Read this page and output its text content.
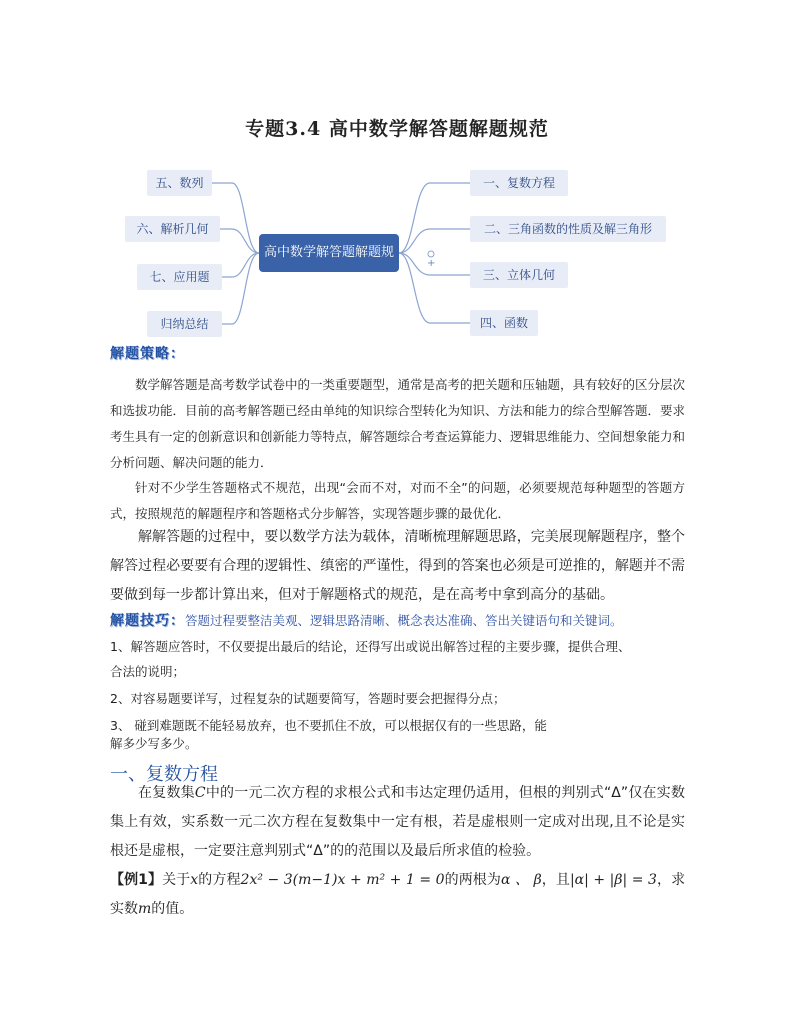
专题3.4 高中数学解答题解题规范
五、数列
六、解析几何
七、应用题
归纳总结
高中数学解答题解题规范
+
一、复数方程
二、三角函数的性质及解三角形
三、立体几何
四、函数
解题策略：
数学解答题是高考数学试卷中的一类重要题型，通常是高考的把关题和压轴题，具有较好的区分层次和选拔功能．目前的高考解答题已经由单纯的知识综合型转化为知识、方法和能力的综合型解答题．要求考生具有一定的创新意识和创新能力等特点，解答题综合考查运算能力、逻辑思维能力、空间想象能力和分析问题、解决问题的能力．
针对不少学生答题格式不规范，出现“会而不对，对而不全”的问题，必须要规范每种题型的答题方式，按照规范的解题程序和答题格式分步解答，实现答题步骤的最优化．
解解答题的过程中，要以数学方法为载体，清晰梳理解题思路，完美展现解题程序，整个解答过程必要要有合理的逻辑性、缜密的严谨性，得到的答案也必须是可逆推的，解题并不需要做到每一步都计算出来，但对于解题格式的规范，是在高考中拿到高分的基础。
解题技巧：答题过程要整洁美观、逻辑思路清晰、概念表达准确、答出关键语句和关键词。
1、解答题应答时，不仅要提出最后的结论，还得写出或说出解答过程的主要步骤，提供合理、
合法的说明；
2、对容易题要详写，过程复杂的试题要简写，答题时要会把握得分点；
3、 碰到难题既不能轻易放弃，也不要抓住不放，可以根据仅有的一些思路，能
解多少写多少。
一、复数方程
在复数集C中的一元二次方程的求根公式和韦达定理仍适用，但根的判别式“Δ”仅在实数集上有效，实系数一元二次方程在复数集中一定有根，若是虚根则一定成对出现,且不论是实根还是虚根，一定要注意判别式“Δ”的的范围以及最后所求值的检验。
【例1】关于x的方程2x² − 3(m−1)x + m² + 1 = 0的两根为α 、 β，且|α| + |β| = 3，求实数m的值。
